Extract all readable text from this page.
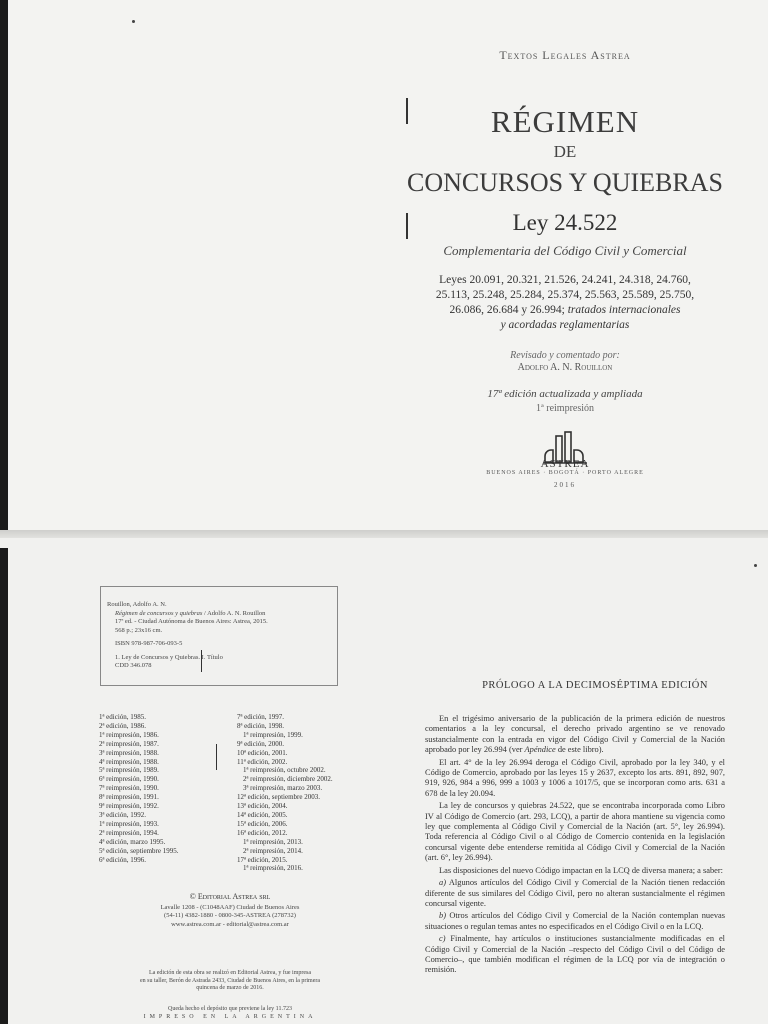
Textos Legales Astrea
RÉGIMEN
DE
CONCURSOS Y QUIEBRAS
Ley 24.522
Complementaria del Código Civil y Comercial
Leyes 20.091, 20.321, 21.526, 24.241, 24.318, 24.760,
25.113, 25.248, 25.284, 25.374, 25.563, 25.589, 25.750,
26.086, 26.684 y 26.994; tratados internacionales
y acordadas reglamentarias
Revisado y comentado por:
Adolfo A. N. Rouillon
17ª edición actualizada y ampliada
1ª reimpresión
ASTREA
BUENOS AIRES · BOGOTÁ · PORTO ALEGRE
2016
Rouillon, Adolfo A. N.
Régimen de concursos y quiebras / Adolfo A. N. Rouillon
17ª ed. - Ciudad Autónoma de Buenos Aires: Astrea, 2015.
568 p.; 23x16 cm.
ISBN 978-987-706-093-5
1. Ley de Concursos y Quiebras. I. Título
CDD 346.078
1ª edición, 1985.
2ª edición, 1986.
1ª reimpresión, 1986.
2ª reimpresión, 1987.
3ª reimpresión, 1988.
4ª reimpresión, 1988.
5ª reimpresión, 1989.
6ª reimpresión, 1990.
7ª reimpresión, 1990.
8ª reimpresión, 1991.
9ª reimpresión, 1992.
3ª edición, 1992.
1ª reimpresión, 1993.
2ª reimpresión, 1994.
4ª edición, marzo 1995.
5ª edición, septiembre 1995.
6ª edición, 1996.
7ª edición, 1997.
8ª edición, 1998.
1ª reimpresión, 1999.
9ª edición, 2000.
10ª edición, 2001.
11ª edición, 2002.
1ª reimpresión, octubre 2002.
2ª reimpresión, diciembre 2002.
3ª reimpresión, marzo 2003.
12ª edición, septiembre 2003.
13ª edición, 2004.
14ª edición, 2005.
15ª edición, 2006.
16ª edición, 2012.
1ª reimpresión, 2013.
2ª reimpresión, 2014.
17ª edición, 2015.
1ª reimpresión, 2016.
© Editorial Astrea srl
Lavalle 1208 - (C1048AAF) Ciudad de Buenos Aires
(54-11) 4382-1880 - 0800-345-ASTREA (278732)
www.astrea.com.ar - editorial@astrea.com.ar
La edición de esta obra se realizó en Editorial Astrea, y fue impresa
en su taller, Berón de Astrada 2433, Ciudad de Buenos Aires, en la primera
quincena de marzo de 2016.
Queda hecho el depósito que previene la ley 11.723
IMPRESO EN LA ARGENTINA
PRÓLOGO A LA DECIMOSÉPTIMA EDICIÓN

En el trigésimo aniversario de la publicación de la primera edición de nuestros comentarios a la ley concursal, el derecho privado argentino se ve renovado sustancialmente con la entrada en vigor del Código Civil y Comercial de la Nación aprobado por ley 26.994 (ver Apéndice de este libro).

El art. 4° de la ley 26.994 deroga el Código Civil, aprobado por la ley 340, y el Código de Comercio, aprobado por las leyes 15 y 2637, excepto los arts. 891, 892, 907, 919, 926, 984 a 996, 999 a 1003 y 1006 a 1017/5, que se incorporan como arts. 631 a 678 de la ley 20.094.

La ley de concursos y quiebras 24.522, que se encontraba incorporada como Libro IV al Código de Comercio (art. 293, LCQ), a partir de ahora mantiene su vigencia como ley que complementa al Código Civil y Comercial de la Nación (art. 5°, ley 26.994). Toda referencia al Código Civil o al Código de Comercio contenida en la legislación concursal vigente debe entenderse remitida al Código Civil y Comercial de la Nación (art. 6°, ley 26.994).

Las disposiciones del nuevo Código impactan en la LCQ de diversa manera; a saber:

a) Algunos artículos del Código Civil y Comercial de la Nación tienen redacción diferente de sus similares del Código Civil, pero no alteran sustancialmente el régimen concursal vigente.

b) Otros artículos del Código Civil y Comercial de la Nación contemplan nuevas situaciones o regulan temas antes no especificados en el Código Civil o en la LCQ.

c) Finalmente, hay artículos o instituciones sustancialmente modificadas en el Código Civil y Comercial de la Nación –respecto del Código Civil o del Código de Comercio–, que también modifican el régimen de la LCQ por vía de integración o remisión.
